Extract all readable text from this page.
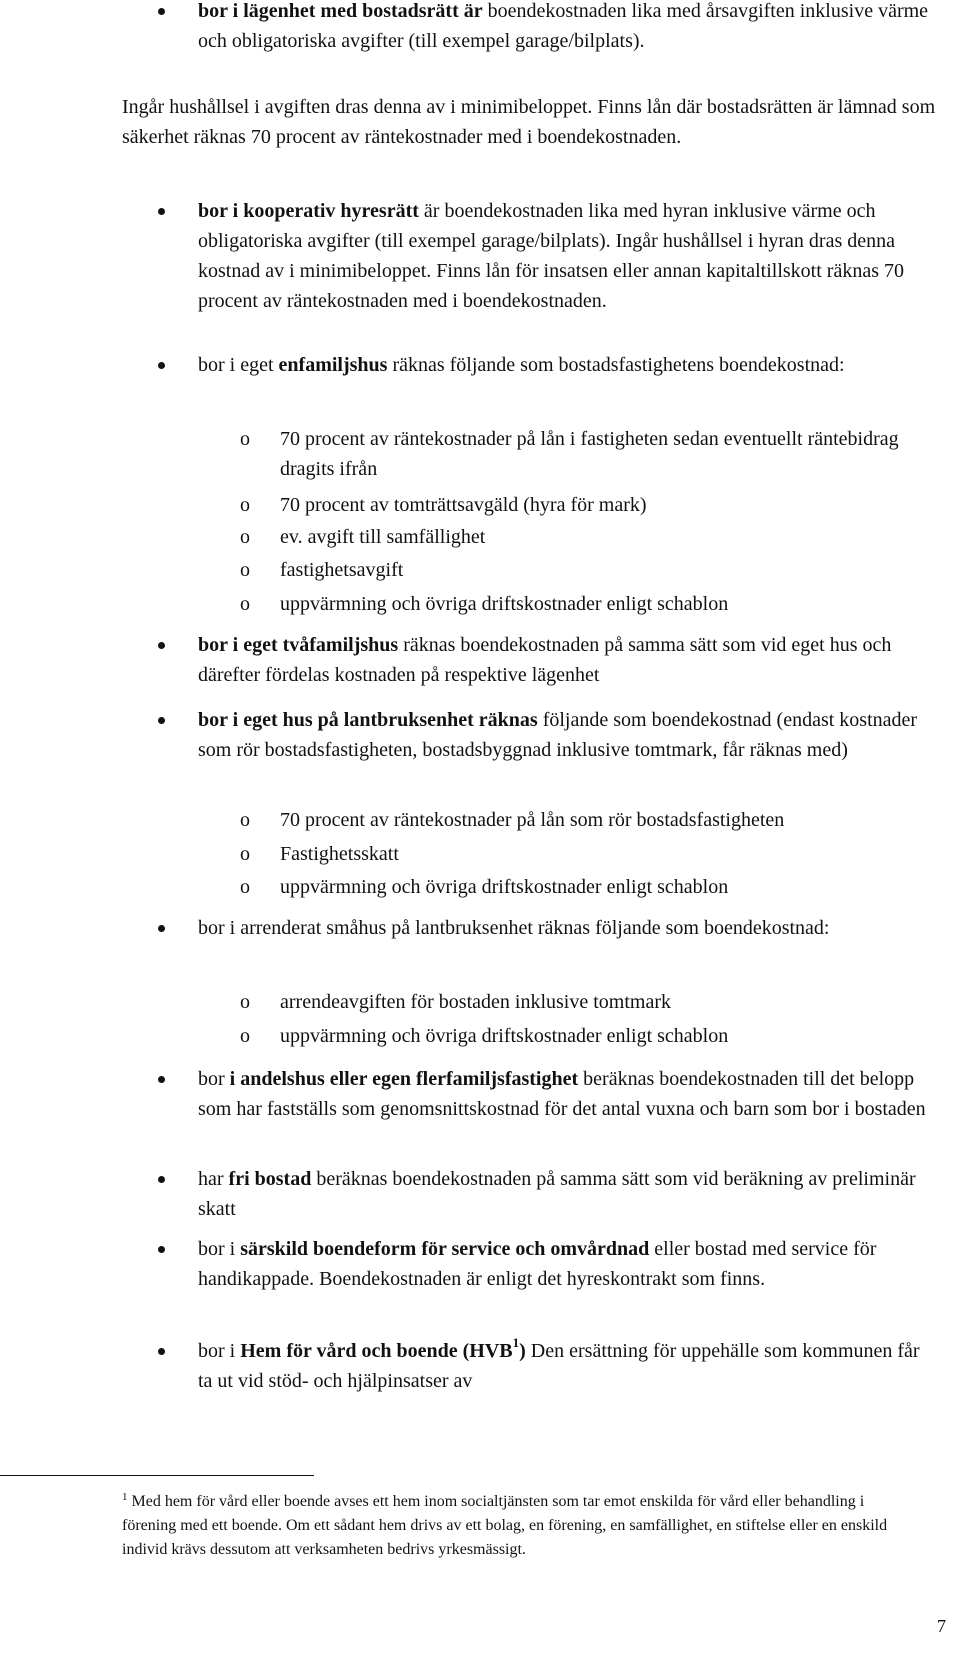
bor i lägenhet med bostadsrätt är boendekostnaden lika med årsavgiften inklusive värme och obligatoriska avgifter (till exempel garage/bilplats).
Ingår hushållsel i avgiften dras denna av i minimibeloppet. Finns lån där bostadsrätten är lämnad som säkerhet räknas 70 procent av räntekostnader med i boendekostnaden.
bor i kooperativ hyresrätt är boendekostnaden lika med hyran inklusive värme och obligatoriska avgifter (till exempel garage/bilplats). Ingår hushållsel i hyran dras denna kostnad av i minimibeloppet. Finns lån för insatsen eller annan kapitaltillskott räknas 70 procent av räntekostnaden med i boendekostnaden.
bor i eget enfamiljshus räknas följande som bostadsfastighetens boendekostnad:
o	70 procent av räntekostnader på lån i fastigheten sedan eventuellt räntebidrag dragits ifrån
o	70 procent av tomträttsavgäld (hyra för mark)
o	ev. avgift till samfällighet
o	fastighetsavgift
o	uppvärmning och övriga driftskostnader enligt schablon
bor i eget tvåfamiljshus räknas boendekostnaden på samma sätt som vid eget hus och därefter fördelas kostnaden på respektive lägenhet
bor i eget hus på lantbruksenhet räknas följande som boendekostnad (endast kostnader som rör bostadsfastigheten, bostadsbyggnad inklusive tomtmark, får räknas med)
o	70 procent av räntekostnader på lån som rör bostadsfastigheten
o	Fastighetsskatt
o	uppvärmning och övriga driftskostnader enligt schablon
bor i arrenderat småhus på lantbruksenhet räknas följande som boendekostnad:
o	arrendeavgiften för bostaden inklusive tomtmark
o	uppvärmning och övriga driftskostnader enligt schablon
bor i andelshus eller egen flerfamiljsfastighet beräknas boendekostnaden till det belopp som har fastställs som genomsnittskostnad för det antal vuxna och barn som bor i bostaden
har fri bostad beräknas boendekostnaden på samma sätt som vid beräkning av preliminär skatt
bor i särskild boendeform för service och omvårdnad eller bostad med service för handikappade. Boendekostnaden är enligt det hyreskontrakt som finns.
bor i Hem för vård och boende (HVB$^1$) Den ersättning för uppehälle som kommunen får ta ut vid stöd- och hjälpinsatser av
$^1$ Med hem för vård eller boende avses ett hem inom socialtjänsten som tar emot enskilda för vård eller behandling i förening med ett boende. Om ett sådant hem drivs av ett bolag, en förening, en samfällighet, en stiftelse eller en enskild individ krävs dessutom att verksamheten bedrivs yrkesmässigt.
7
